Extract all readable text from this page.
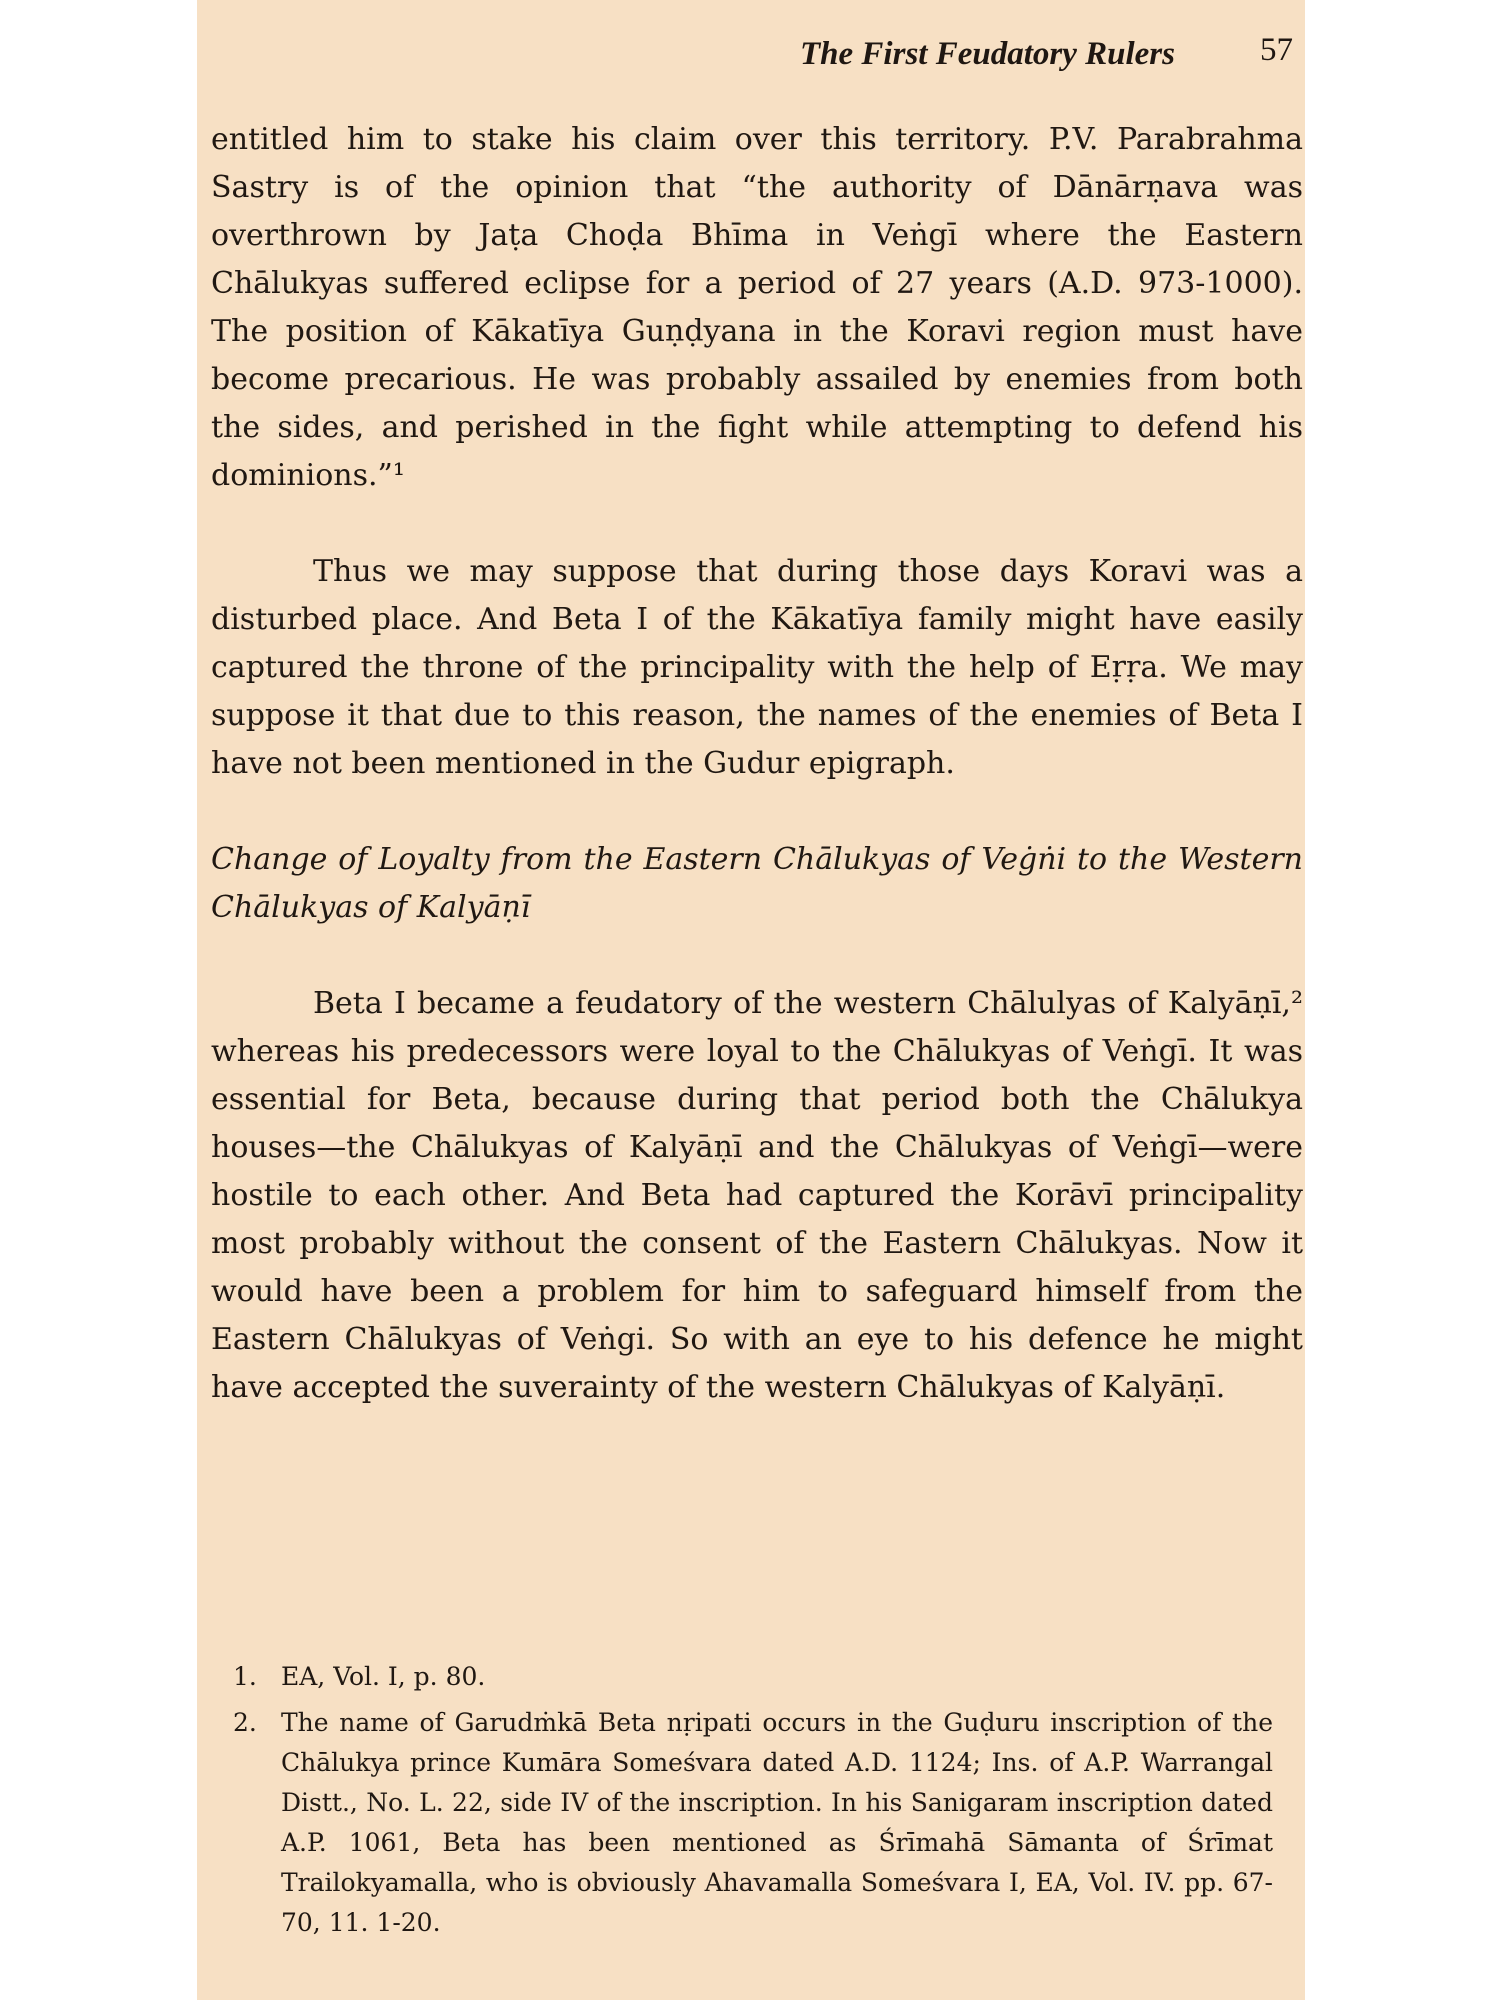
The First Feudatory Rulers	57

entitled him to stake his claim over this territory. P.V. Parabrahma Sastry is of the opinion that “the authority of Dānārṇava was overthrown by Jaṭa Choḍa Bhīma in Veṅgī where the Eastern Chālukyas suffered eclipse for a period of 27 years (A.D. 973-1000). The position of Kākatīya Guṇḍyana in the Koravi region must have become precarious. He was probably assailed by enemies from both the sides, and perished in the fight while attempting to defend his dominions.”¹

Thus we may suppose that during those days Koravi was a disturbed place. And Beta I of the Kākatīya family might have easily captured the throne of the principality with the help of Eṛṛa. We may suppose it that due to this reason, the names of the enemies of Beta I have not been mentioned in the Gudur epigraph.

Change of Loyalty from the Eastern Chālukyas of Veġṅi to the Western Chālukyas of Kalyāṇī

Beta I became a feudatory of the western Chālulyas of Kalyāṇī,² whereas his predecessors were loyal to the Chālukyas of Veṅgī. It was essential for Beta, because during that period both the Chālukya houses—the Chālukyas of Kalyāṇī and the Chālukyas of Veṅgī—were hostile to each other. And Beta had captured the Korāvī principality most probably without the consent of the Eastern Chālukyas. Now it would have been a problem for him to safeguard himself from the Eastern Chālukyas of Veṅgi. So with an eye to his defence he might have accepted the suverainty of the western Chālukyas of Kalyāṇī.

1. EA, Vol. I, p. 80.
2. The name of Garudṁkā Beta nṛipati occurs in the Guḍuru inscription of the Chālukya prince Kumāra Someśvara dated A.D. 1124; Ins. of A.P. Warrangal Distt., No. L. 22, side IV of the inscription. In his Sanigaram inscription dated A.P. 1061, Beta has been mentioned as Śrīmahā Sāmanta of Śrīmat Trailokyamalla, who is obviously Ahavamalla Someśvara I, EA, Vol. IV. pp. 67-70, 11. 1-20.
